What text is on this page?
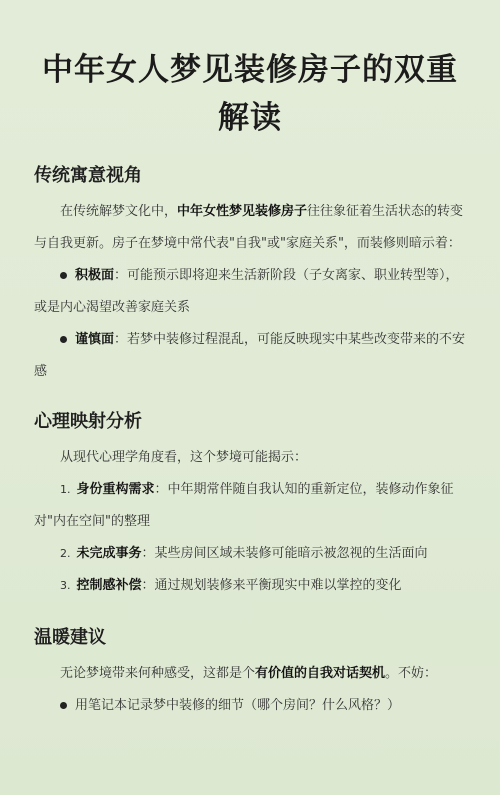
中年女人梦见装修房子的双重解读
传统寓意视角

在传统解梦文化中，中年女性梦见装修房子往往象征着生活状态的转变与自我更新。房子在梦境中常代表"自我"或"家庭关系"，而装修则暗示着：

积极面：可能预示即将迎来生活新阶段（子女离家、职业转型等），或是内心渴望改善家庭关系

谨慎面：若梦中装修过程混乱，可能反映现实中某些改变带来的不安感

心理映射分析

从现代心理学角度看，这个梦境可能揭示：

1. 身份重构需求：中年期常伴随自我认知的重新定位，装修动作象征对"内在空间"的整理

2. 未完成事务：某些房间区域未装修可能暗示被忽视的生活面向

3. 控制感补偿：通过规划装修来平衡现实中难以掌控的变化

温暖建议

无论梦境带来何种感受，这都是个有价值的自我对话契机。不妨：

用笔记本记录梦中装修的细节（哪个房间？什么风格？）
